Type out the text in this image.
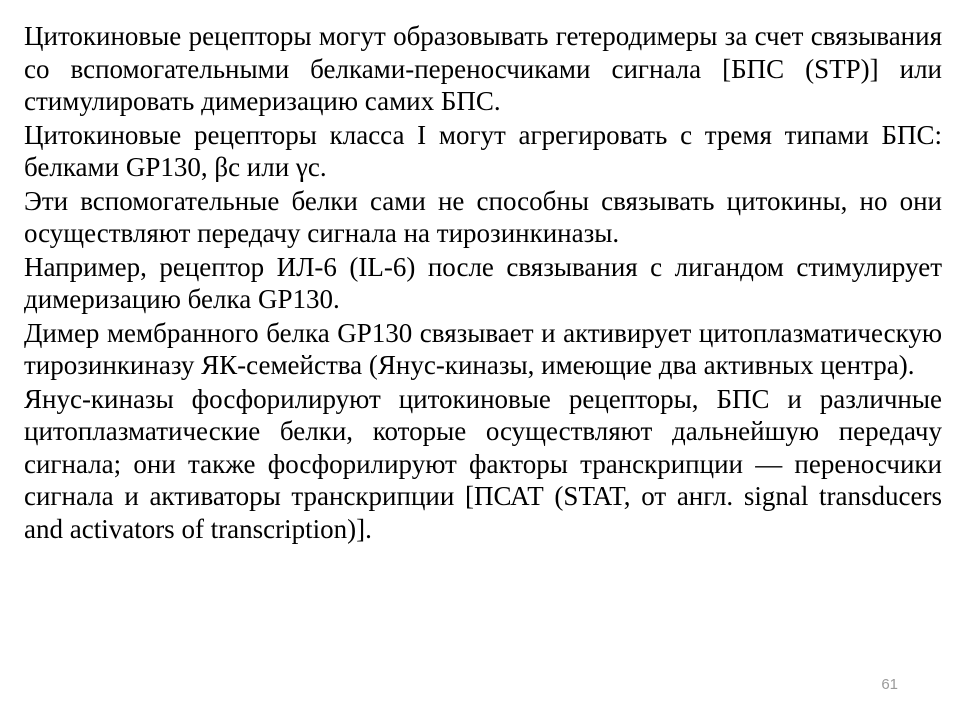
Цитокиновые рецепторы могут образовывать гетеродимеры за счет связывания со вспомогательными белками-переносчиками сигнала [БПС (STP)] или стимулировать димеризацию самих БПС.

Цитокиновые рецепторы класса I могут агрегировать с тремя типами БПС: белками GP130, βc или γc.

Эти вспомогательные белки сами не способны связывать цитокины, но они осуществляют передачу сигнала на тирозинкиназы.

Например, рецептор ИЛ-6 (IL-6) после связывания с лигандом стимулирует димеризацию белка GP130.

Димер мембранного белка GP130 связывает и активирует цитоплазматическую тирозинкиназу ЯК-семейства (Янус-киназы, имеющие два активных центра).

Янус-киназы фосфорилируют цитокиновые рецепторы, БПС и различные цитоплазматические белки, которые осуществляют дальнейшую передачу сигнала; они также фосфорилируют факторы транскрипции — переносчики сигнала и активаторы транскрипции [ПСАТ (STAT, от англ. signal transducers and activators of transcription)].

61
